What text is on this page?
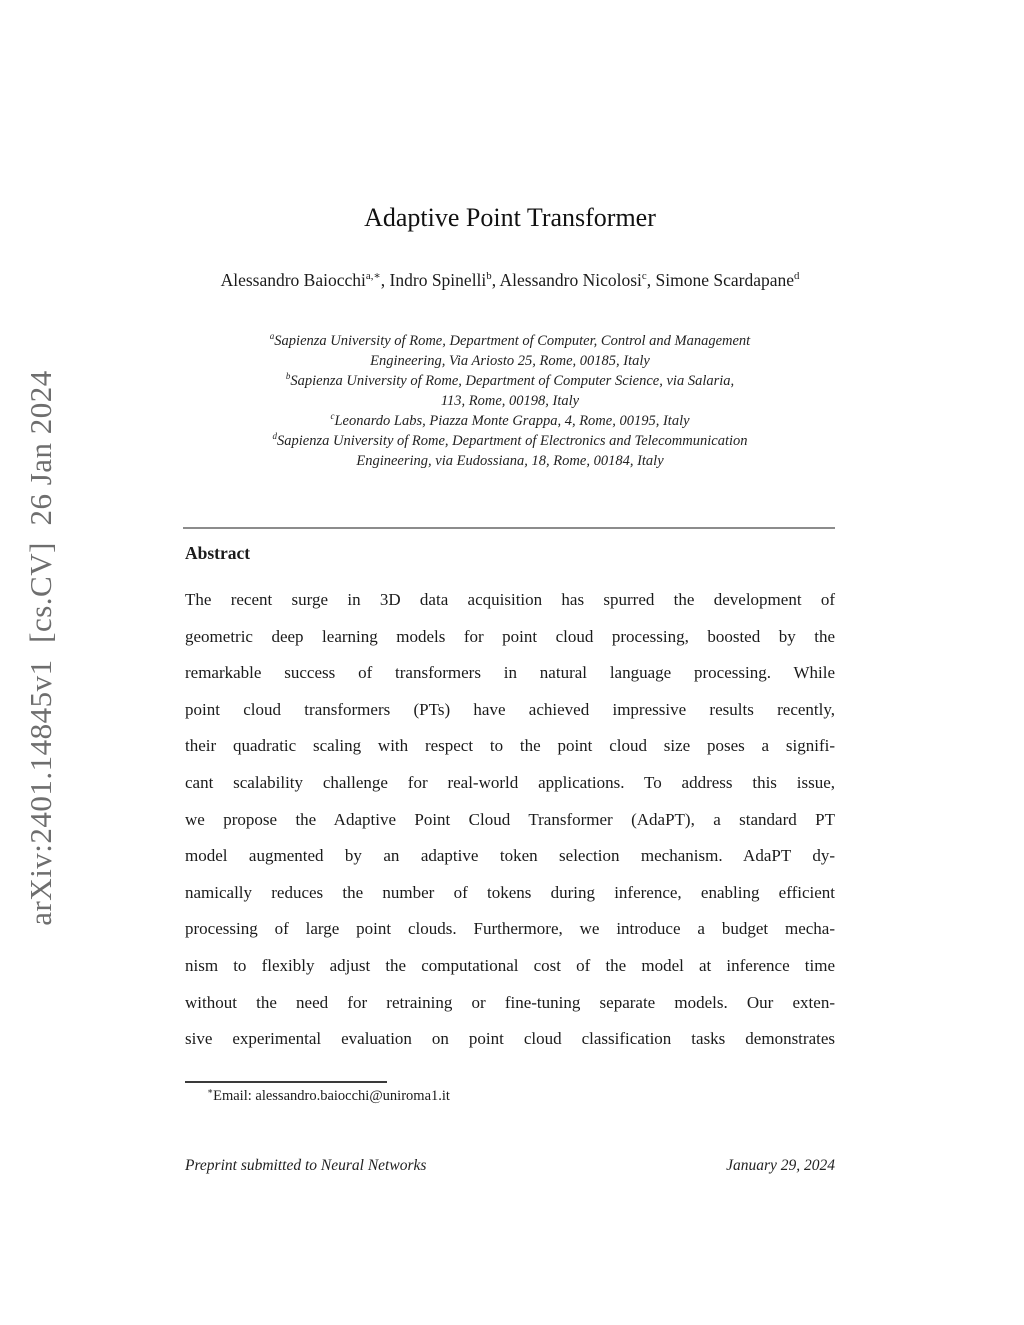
arXiv:2401.14845v1  [cs.CV]  26 Jan 2024
Adaptive Point Transformer
Alessandro Baiocchi$^{a,∗}$, Indro Spinelli$^b$, Alessandro Nicolosi$^c$, Simone Scardapane$^d$
$^a$Sapienza University of Rome, Department of Computer, Control and Management
Engineering, Via Ariosto 25, Rome, 00185, Italy
$^b$Sapienza University of Rome, Department of Computer Science, via Salaria,
113, Rome, 00198, Italy
$^c$Leonardo Labs, Piazza Monte Grappa, 4, Rome, 00195, Italy
$^d$Sapienza University of Rome, Department of Electronics and Telecommunication
Engineering, via Eudossiana, 18, Rome, 00184, Italy
Abstract
The recent surge in 3D data acquisition has spurred the development of
geometric deep learning models for point cloud processing, boosted by the
remarkable success of transformers in natural language processing. While
point cloud transformers (PTs) have achieved impressive results recently,
their quadratic scaling with respect to the point cloud size poses a signifi-
cant scalability challenge for real-world applications. To address this issue,
we propose the Adaptive Point Cloud Transformer (AdaPT), a standard PT
model augmented by an adaptive token selection mechanism. AdaPT dy-
namically reduces the number of tokens during inference, enabling efficient
processing of large point clouds. Furthermore, we introduce a budget mecha-
nism to flexibly adjust the computational cost of the model at inference time
without the need for retraining or fine-tuning separate models. Our exten-
sive experimental evaluation on point cloud classification tasks demonstrates
∗Email: alessandro.baiocchi@uniroma1.it
Preprint submitted to Neural Networks	January 29, 2024
